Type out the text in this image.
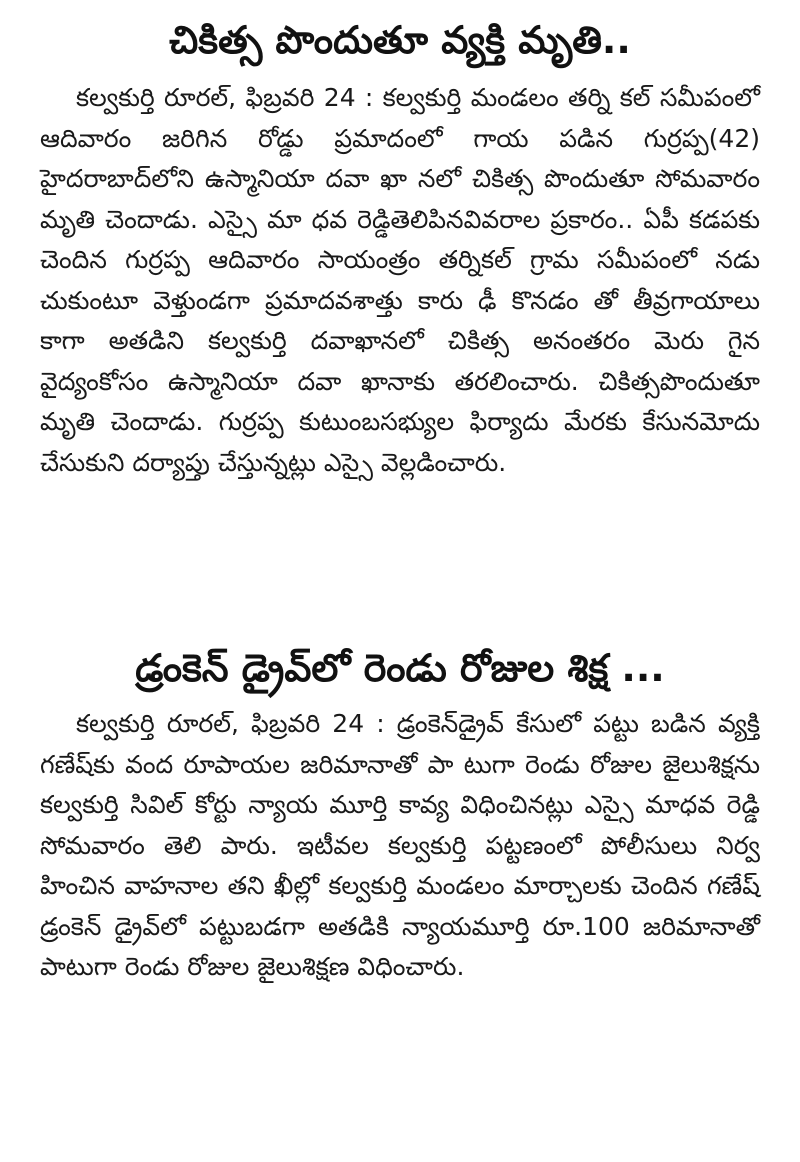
చికిత్స పొందుతూ వ్యక్తి మృతి..

కల్వకుర్తి రూరల్, ఫిబ్రవరి 24 : కల్వకుర్తి మండలం తర్ని కల్ సమీపంలో ఆదివారం జరిగిన రోడ్డు ప్రమాదంలో గాయ పడిన గుర్రప్ప(42) హైదరాబాద్‌లోని ఉస్మానియా దవా ఖా నలో చికిత్స పొందుతూ సోమవారం మృతి చెందాడు. ఎస్సై మా ధవ రెడ్డితెలిపినవివరాల ప్రకారం.. ఏపీ కడపకు చెందిన గుర్రప్ప ఆదివారం సాయంత్రం తర్నికల్ గ్రామ సమీపంలో నడు చుకుంటూ వెళ్తుండగా ప్రమాదవశాత్తు కారు ఢీ కొనడం తో తీవ్రగాయాలు కాగా అతడిని కల్వకుర్తి దవాఖానలో చికిత్స అనంతరం మెరు గైన వైద్యంకోసం ఉస్మానియా దవా ఖానాకు తరలించారు. చికిత్సపొందుతూ మృతి చెందాడు. గుర్రప్ప కుటుంబసభ్యుల ఫిర్యాదు మేరకు కేసునమోదు చేసుకుని దర్యాప్తు చేస్తున్నట్లు ఎస్సై వెల్లడించారు.

డ్రంకెన్ డ్రైవ్‌లో రెండు రోజుల శిక్ష ...

కల్వకుర్తి రూరల్, ఫిబ్రవరి 24 : డ్రంకెన్‌డ్రైవ్ కేసులో పట్టు బడిన వ్యక్తి గణేష్‌కు వంద రూపాయల జరిమానాతో పా టుగా రెండు రోజుల జైలుశిక్షను కల్వకుర్తి సివిల్ కోర్టు న్యాయ మూర్తి కావ్య విధించినట్లు ఎస్సై మాధవ రెడ్డి సోమవారం తెలి పారు. ఇటీవల కల్వకుర్తి పట్టణంలో పోలీసులు నిర్వ హించిన వాహనాల తని ఖీల్లో కల్వకుర్తి మండలం మార్చాలకు చెందిన గణేష్ డ్రంకెన్ డ్రైవ్‌లో పట్టుబడగా అతడికి న్యాయమూర్తి రూ.100 జరిమానాతో పాటుగా రెండు రోజుల జైలుశిక్షణ విధించారు.
